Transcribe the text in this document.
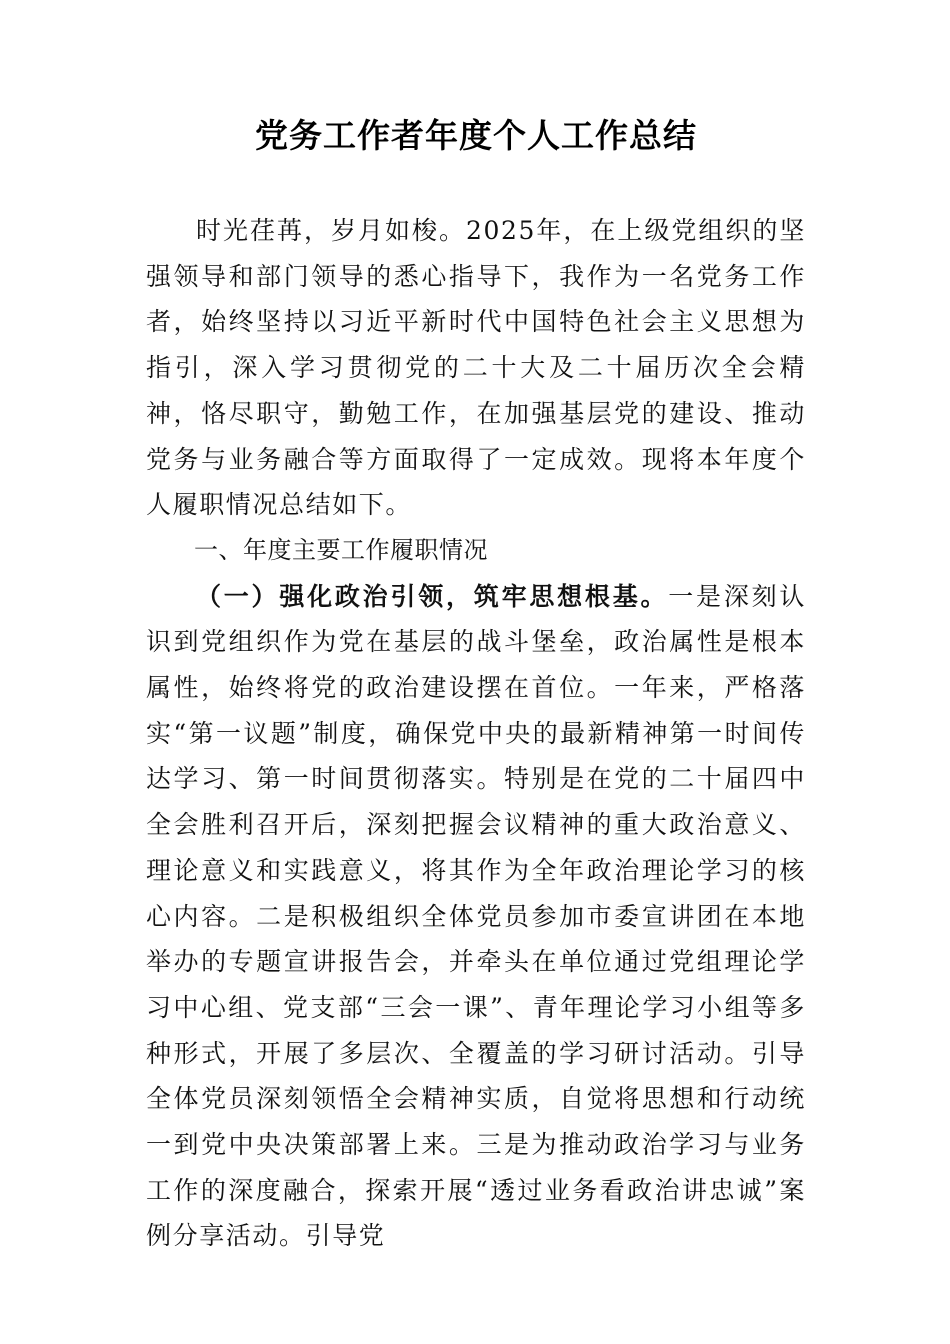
党务工作者年度个人工作总结

时光荏苒，岁月如梭。2025年，在上级党组织的坚强领导和部门领导的悉心指导下，我作为一名党务工作者，始终坚持以习近平新时代中国特色社会主义思想为指引，深入学习贯彻党的二十大及二十届历次全会精神，恪尽职守，勤勉工作，在加强基层党的建设、推动党务与业务融合等方面取得了一定成效。现将本年度个人履职情况总结如下。

一、年度主要工作履职情况

（一）强化政治引领，筑牢思想根基。一是深刻认识到党组织作为党在基层的战斗堡垒，政治属性是根本属性，始终将党的政治建设摆在首位。一年来，严格落实“第一议题”制度，确保党中央的最新精神第一时间传达学习、第一时间贯彻落实。特别是在党的二十届四中全会胜利召开后，深刻把握会议精神的重大政治意义、理论意义和实践意义，将其作为全年政治理论学习的核心内容。二是积极组织全体党员参加市委宣讲团在本地举办的专题宣讲报告会，并牵头在单位通过党组理论学习中心组、党支部“三会一课”、青年理论学习小组等多种形式，开展了多层次、全覆盖的学习研讨活动。引导全体党员深刻领悟全会精神实质，自觉将思想和行动统一到党中央决策部署上来。三是为推动政治学习与业务工作的深度融合，探索开展“透过业务看政治讲忠诚”案例分享活动。引导党
